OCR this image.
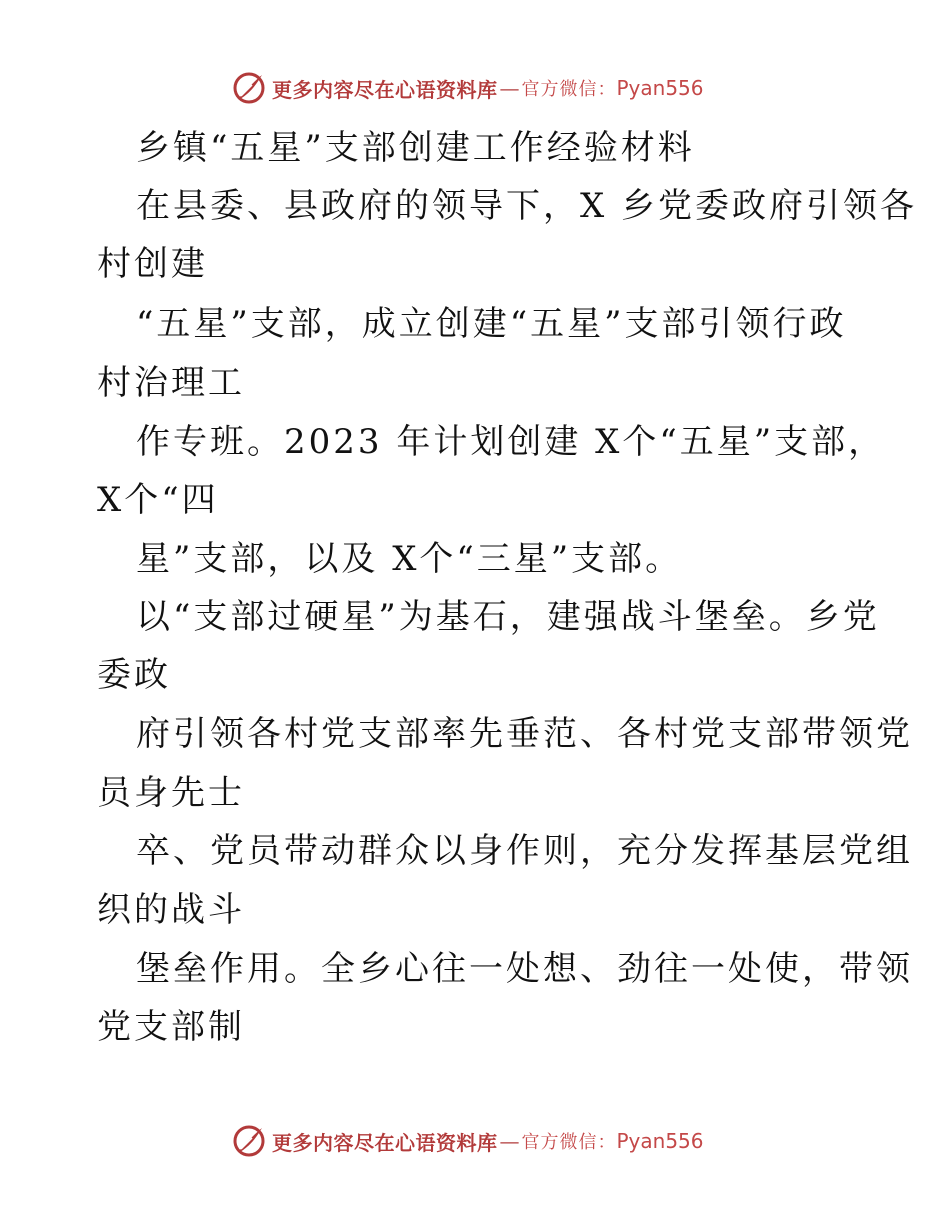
更多内容尽在心语资料库 — 官方微信： Pyan556
乡镇“五星”支部创建工作经验材料
在县委、县政府的领导下，X 乡党委政府引领各
村创建
“五星”支部，成立创建“五星”支部引领行政
村治理工
作专班。2023 年计划创建 X个“五星”支部，
X个“四
星”支部，以及 X个“三星”支部。
以“支部过硬星”为基石，建强战斗堡垒。乡党
委政
府引领各村党支部率先垂范、各村党支部带领党
员身先士
卒、党员带动群众以身作则，充分发挥基层党组
织的战斗
堡垒作用。全乡心往一处想、劲往一处使，带领
党支部制
更多内容尽在心语资料库 — 官方微信： Pyan556
